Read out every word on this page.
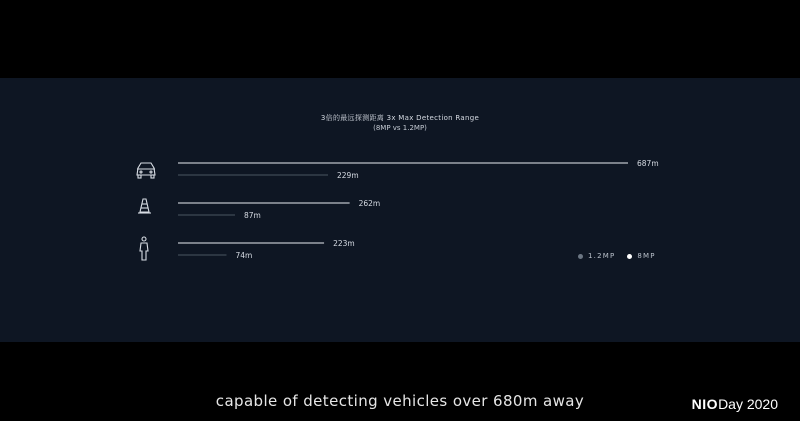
3倍的最远探测距离 3x Max Detection Range
(8MP vs 1.2MP)
687m
262m
223m
229m
87m
74m	1.2MP	8MP
capable of detecting vehicles over 680m away	NIODay 2020
